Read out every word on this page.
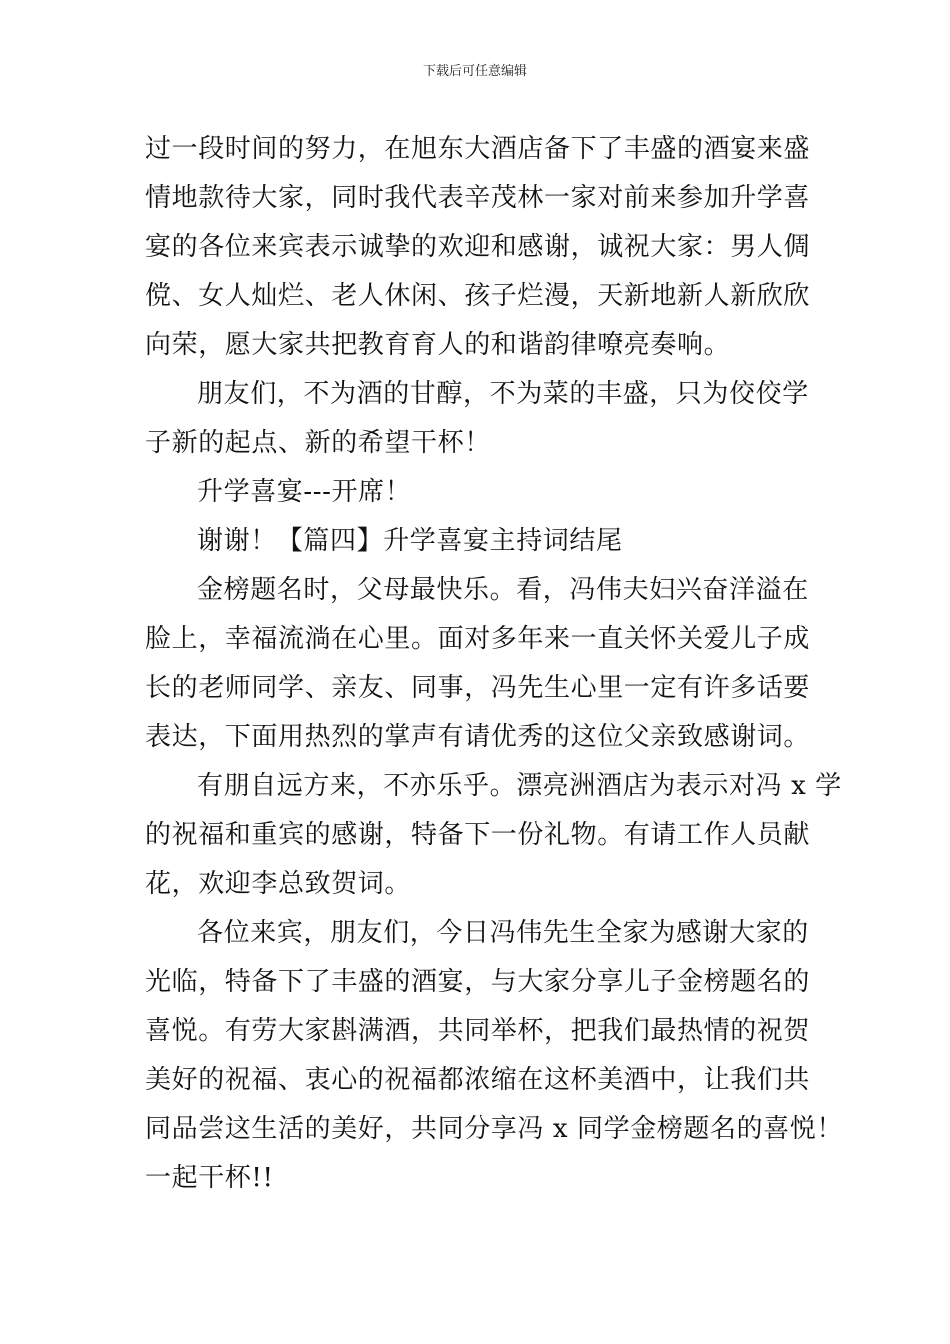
下载后可任意编辑
过一段时间的努力，在旭东大酒店备下了丰盛的酒宴来盛
情地款待大家，同时我代表辛茂林一家对前来参加升学喜
宴的各位来宾表示诚挚的欢迎和感谢，诚祝大家：男人倜
傥、女人灿烂、老人休闲、孩子烂漫，天新地新人新欣欣
向荣，愿大家共把教育育人的和谐韵律嘹亮奏响。
朋友们，不为酒的甘醇，不为菜的丰盛，只为佼佼学
子新的起点、新的希望干杯！
升学喜宴---开席！
谢谢！【篇四】升学喜宴主持词结尾
金榜题名时，父母最快乐。看，冯伟夫妇兴奋洋溢在
脸上，幸福流淌在心里。面对多年来一直关怀关爱儿子成
长的老师同学、亲友、同事，冯先生心里一定有许多话要
表达，下面用热烈的掌声有请优秀的这位父亲致感谢词。
有朋自远方来，不亦乐乎。漂亮洲酒店为表示对冯 x 学
的祝福和重宾的感谢，特备下一份礼物。有请工作人员献
花，欢迎李总致贺词。
各位来宾，朋友们，今日冯伟先生全家为感谢大家的
光临，特备下了丰盛的酒宴，与大家分享儿子金榜题名的
喜悦。有劳大家斟满酒，共同举杯，把我们最热情的祝贺
美好的祝福、衷心的祝福都浓缩在这杯美酒中，让我们共
同品尝这生活的美好，共同分享冯 x 同学金榜题名的喜悦！
一起干杯!!
